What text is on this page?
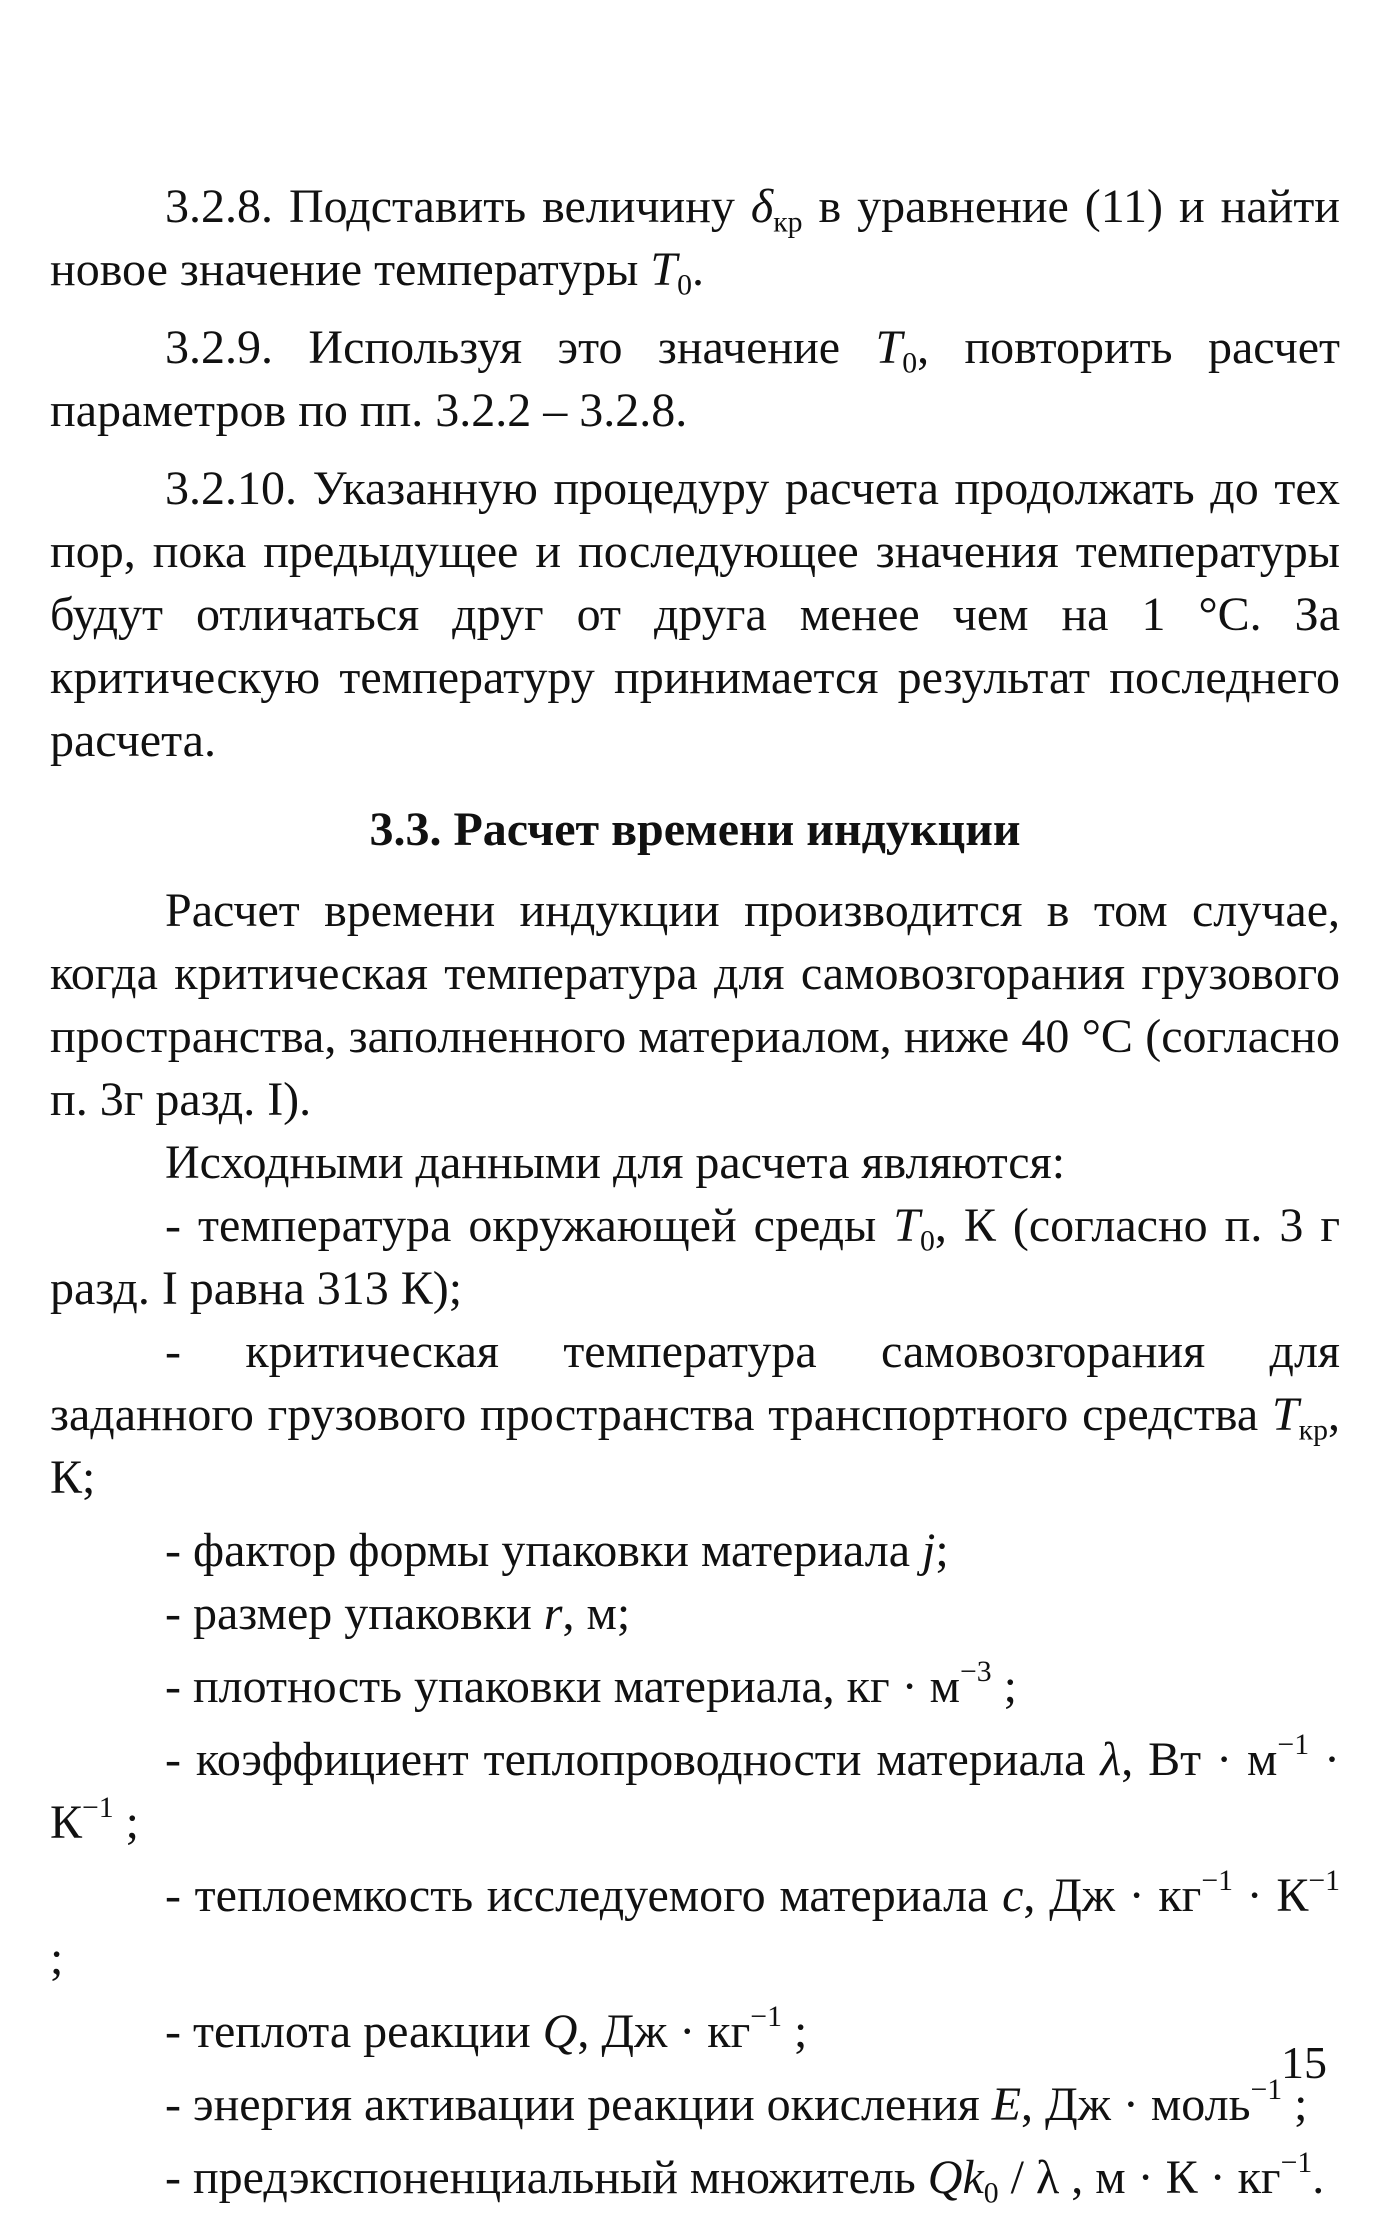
3.2.8. Подставить величину $\delta_{кр}$ в уравнение (11) и найти новое значение температуры $T_0$.

3.2.9. Используя это значение $T_0$, повторить расчет параметров по пп. 3.2.2 – 3.2.8.

3.2.10. Указанную процедуру расчета продолжать до тех пор, пока предыдущее и последующее значения температуры будут отличаться друг от друга менее чем на 1 °С. За критическую температуру принимается результат последнего расчета.

3.3. Расчет времени индукции

Расчет времени индукции производится в том случае, когда критическая температура для самовозгорания грузового пространства, заполненного материалом, ниже 40 °С (согласно п. 3г разд. I).

Исходными данными для расчета являются:

- температура окружающей среды $T_0$, К (согласно п. 3 г разд. I равна 313 К);

- критическая температура самовозгорания для заданного грузового пространства транспортного средства $T_{кр}$, К;

- фактор формы упаковки материала j;

- размер упаковки r, м;

- плотность упаковки материала, кг · $м^{-3}$ ;

- коэффициент теплопроводности материала λ, Вт · $м^{-1} \cdot К^{-1}$ ;

- теплоемкость исследуемого материала c, Дж · $кг^{-1} \cdot К^{-1}$ ;

- теплота реакции Q, Дж · $кг^{-1}$ ;

- энергия активации реакции окисления E, Дж · моль$^{-1}$ ;

- предэкспоненциальный множитель $Qk_0$ / λ , $м \cdot К \cdot кг^{-1}$.

15
